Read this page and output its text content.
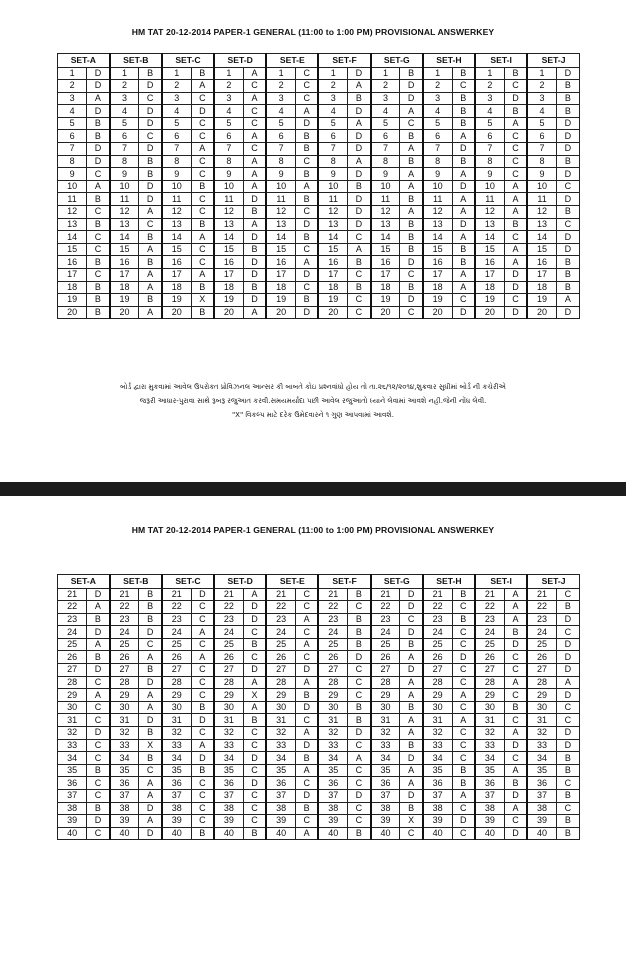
HM TAT 20-12-2014 PAPER-1 GENERAL (11:00 to 1:00 PM) PROVISIONAL ANSWERKEY
SET-A		SET-B		SET-C		SET-D		SET-E		SET-F		SET-G		SET-H		SET-I		SET-J	
1	D	1	B	1	B	1	A	1	C	1	D	1	B	1	B	1	B	1	D
2	D	2	D	2	A	2	C	2	C	2	A	2	D	2	C	2	C	2	B
3	A	3	C	3	C	3	A	3	C	3	B	3	D	3	B	3	D	3	B
4	D	4	D	4	D	4	C	4	A	4	D	4	A	4	B	4	B	4	B
5	B	5	D	5	C	5	C	5	D	5	A	5	C	5	B	5	A	5	D
6	B	6	C	6	C	6	A	6	B	6	D	6	B	6	A	6	C	6	D
7	D	7	D	7	A	7	C	7	B	7	D	7	A	7	D	7	C	7	D
8	D	8	B	8	C	8	A	8	C	8	A	8	B	8	B	8	C	8	B
9	C	9	B	9	C	9	A	9	B	9	D	9	A	9	A	9	C	9	D
10	A	10	D	10	B	10	A	10	A	10	B	10	A	10	D	10	A	10	C
11	B	11	D	11	C	11	D	11	B	11	D	11	B	11	A	11	A	11	D
12	C	12	A	12	C	12	B	12	C	12	D	12	A	12	A	12	A	12	B
13	B	13	C	13	B	13	A	13	D	13	D	13	B	13	D	13	B	13	C
14	C	14	B	14	A	14	D	14	B	14	C	14	B	14	A	14	C	14	D
15	C	15	A	15	C	15	B	15	C	15	A	15	B	15	B	15	A	15	D
16	B	16	B	16	C	16	D	16	A	16	B	16	D	16	B	16	A	16	B
17	C	17	A	17	A	17	D	17	D	17	C	17	C	17	A	17	D	17	B
18	B	18	A	18	B	18	B	18	C	18	B	18	B	18	A	18	D	18	B
19	B	19	B	19	X	19	D	19	B	19	C	19	D	19	C	19	C	19	A
20	B	20	A	20	B	20	A	20	D	20	C	20	C	20	D	20	D	20	D
બોર્ડ દ્વારા મુકવામાં આવેલ ઉપરોક્ત પ્રોવિઝનલ આન્સર કી બાબતે કોઇ પ્રશ્નવાંધો હોય તો તા.૨૬/૧૨/૨૦૧૪,શુક્રવાર સુધીમાં બોર્ડ ની કચેરીએ
જરૂરી આધાર-પુરાવા સાથે રૂબરૂ રજુઆત કરવી.સમયમર્યાદા પછી આવેલ રજુઆતો ધ્યાને લેવામાં આવશે નહી.જેની નોંધ લેવી.
"X" વિકલ્પ માટે દરેક ઉમેદવારને ૧ ગુણ આપવામાં આવશે.
HM TAT 20-12-2014 PAPER-1 GENERAL (11:00 to 1:00 PM) PROVISIONAL ANSWERKEY
SET-A		SET-B		SET-C		SET-D		SET-E		SET-F		SET-G		SET-H		SET-I		SET-J	
21	D	21	B	21	D	21	A	21	C	21	B	21	D	21	B	21	A	21	C
22	A	22	B	22	C	22	D	22	C	22	C	22	D	22	C	22	A	22	B
23	B	23	B	23	C	23	D	23	A	23	B	23	C	23	B	23	A	23	D
24	D	24	D	24	A	24	C	24	C	24	B	24	D	24	C	24	B	24	C
25	A	25	C	25	C	25	B	25	A	25	B	25	B	25	C	25	D	25	D
26	B	26	A	26	A	26	C	26	C	26	D	26	A	26	D	26	C	26	D
27	D	27	B	27	C	27	D	27	D	27	C	27	D	27	C	27	C	27	D
28	C	28	D	28	C	28	A	28	A	28	C	28	A	28	C	28	A	28	A
29	A	29	A	29	C	29	X	29	B	29	C	29	A	29	A	29	C	29	D
30	C	30	A	30	B	30	A	30	D	30	B	30	B	30	C	30	B	30	C
31	C	31	D	31	D	31	B	31	C	31	B	31	A	31	A	31	C	31	C
32	D	32	B	32	C	32	C	32	A	32	D	32	A	32	C	32	A	32	D
33	C	33	X	33	A	33	C	33	D	33	C	33	B	33	C	33	D	33	D
34	C	34	B	34	D	34	D	34	B	34	A	34	D	34	C	34	C	34	B
35	B	35	C	35	B	35	C	35	A	35	C	35	A	35	B	35	A	35	B
36	C	36	A	36	C	36	D	36	C	36	C	36	A	36	B	36	B	36	C
37	C	37	A	37	C	37	C	37	D	37	D	37	D	37	A	37	D	37	B
38	B	38	D	38	C	38	C	38	B	38	C	38	B	38	C	38	A	38	C
39	D	39	A	39	C	39	C	39	C	39	C	39	X	39	D	39	C	39	B
40	C	40	D	40	B	40	B	40	A	40	B	40	C	40	C	40	D	40	B
